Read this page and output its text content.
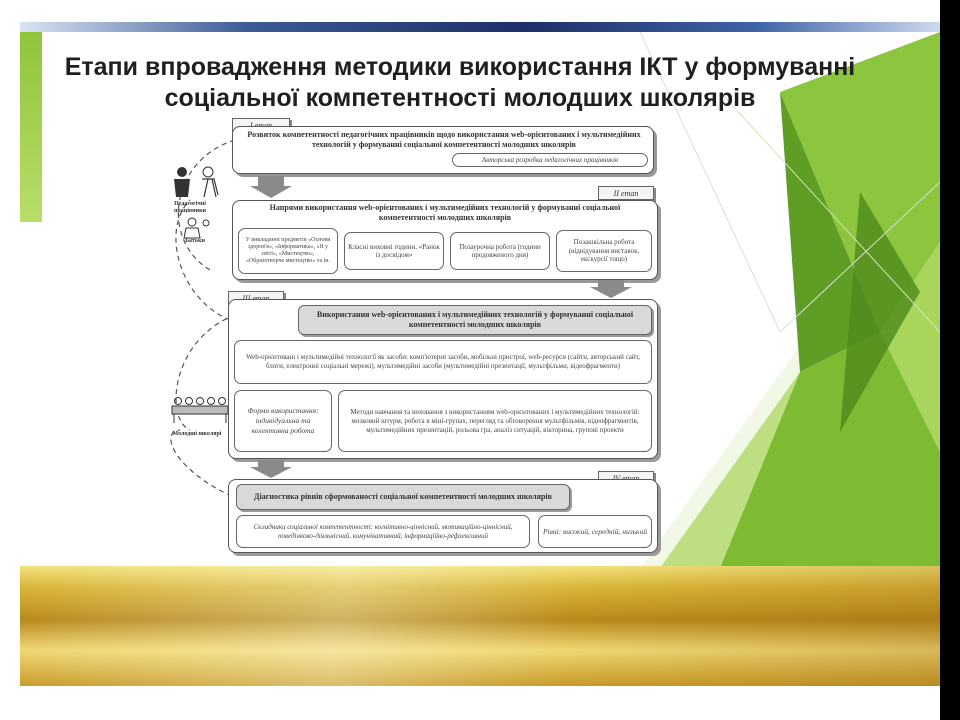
Етапи впровадження методики використання ІКТ у формуванні соціальної компетентності молодших школярів
Педагогічні працівники
Батьки
Молодші школярі
Розвиток компетентності педагогічних працівників щодо використання web-орієнтованих і мультимедійних технологій у формуванні соціальної компетентності молодших школярів
Авторська розробка педагогічних працівників
ІІ етап
Напрями використання web-орієнтованих і мультимедійних технологій у формуванні соціальної компетентності молодших школярів
У викладанні предметів «Основи здоров'я», «Інформатика», «Я у світі», «Мистецтво», «Образотворче мистецтво» та ін.
Класні виховні години, «Ранок із досвідом»
Позаурочна робота (години продовженого дня)
Позашкільна робота (відвідування виставок, екскурсії тощо)
Використання web-орієнтованих і мультимедійних технологій у формуванні соціальної компетентності молодших школярів
Web-орієнтовані і мультимедійні технології як засоби: комп'ютерні засоби, мобільні пристрої, web-ресурси (сайти, авторський сайт, блоги, електронні соціальні мережі), мультимедійні засоби (мультимедійні презентації, мультфільми, відеофрагменти)
Форми використання: індивідуальна та колективна робота
Методи навчання та виховання з використанням web-орієнтованих і мультимедійних технологій: мозковий штурм, робота в міні-групах, перегляд та обговорення мультфільмів, відеофрагментів, мультимедійних презентацій, рольова гра, аналіз ситуацій, вікторина, групові проекти
Діагностика рівнів сформованості соціальної компетентності молодших школярів
Складники соціальної компетентності: когнітивно-ціннісний, мотиваційно-ціннісний, поведінково-діяльнісний, комунікативний, інформаційно-рефлексивний	Рівні: високий, середній, низький
